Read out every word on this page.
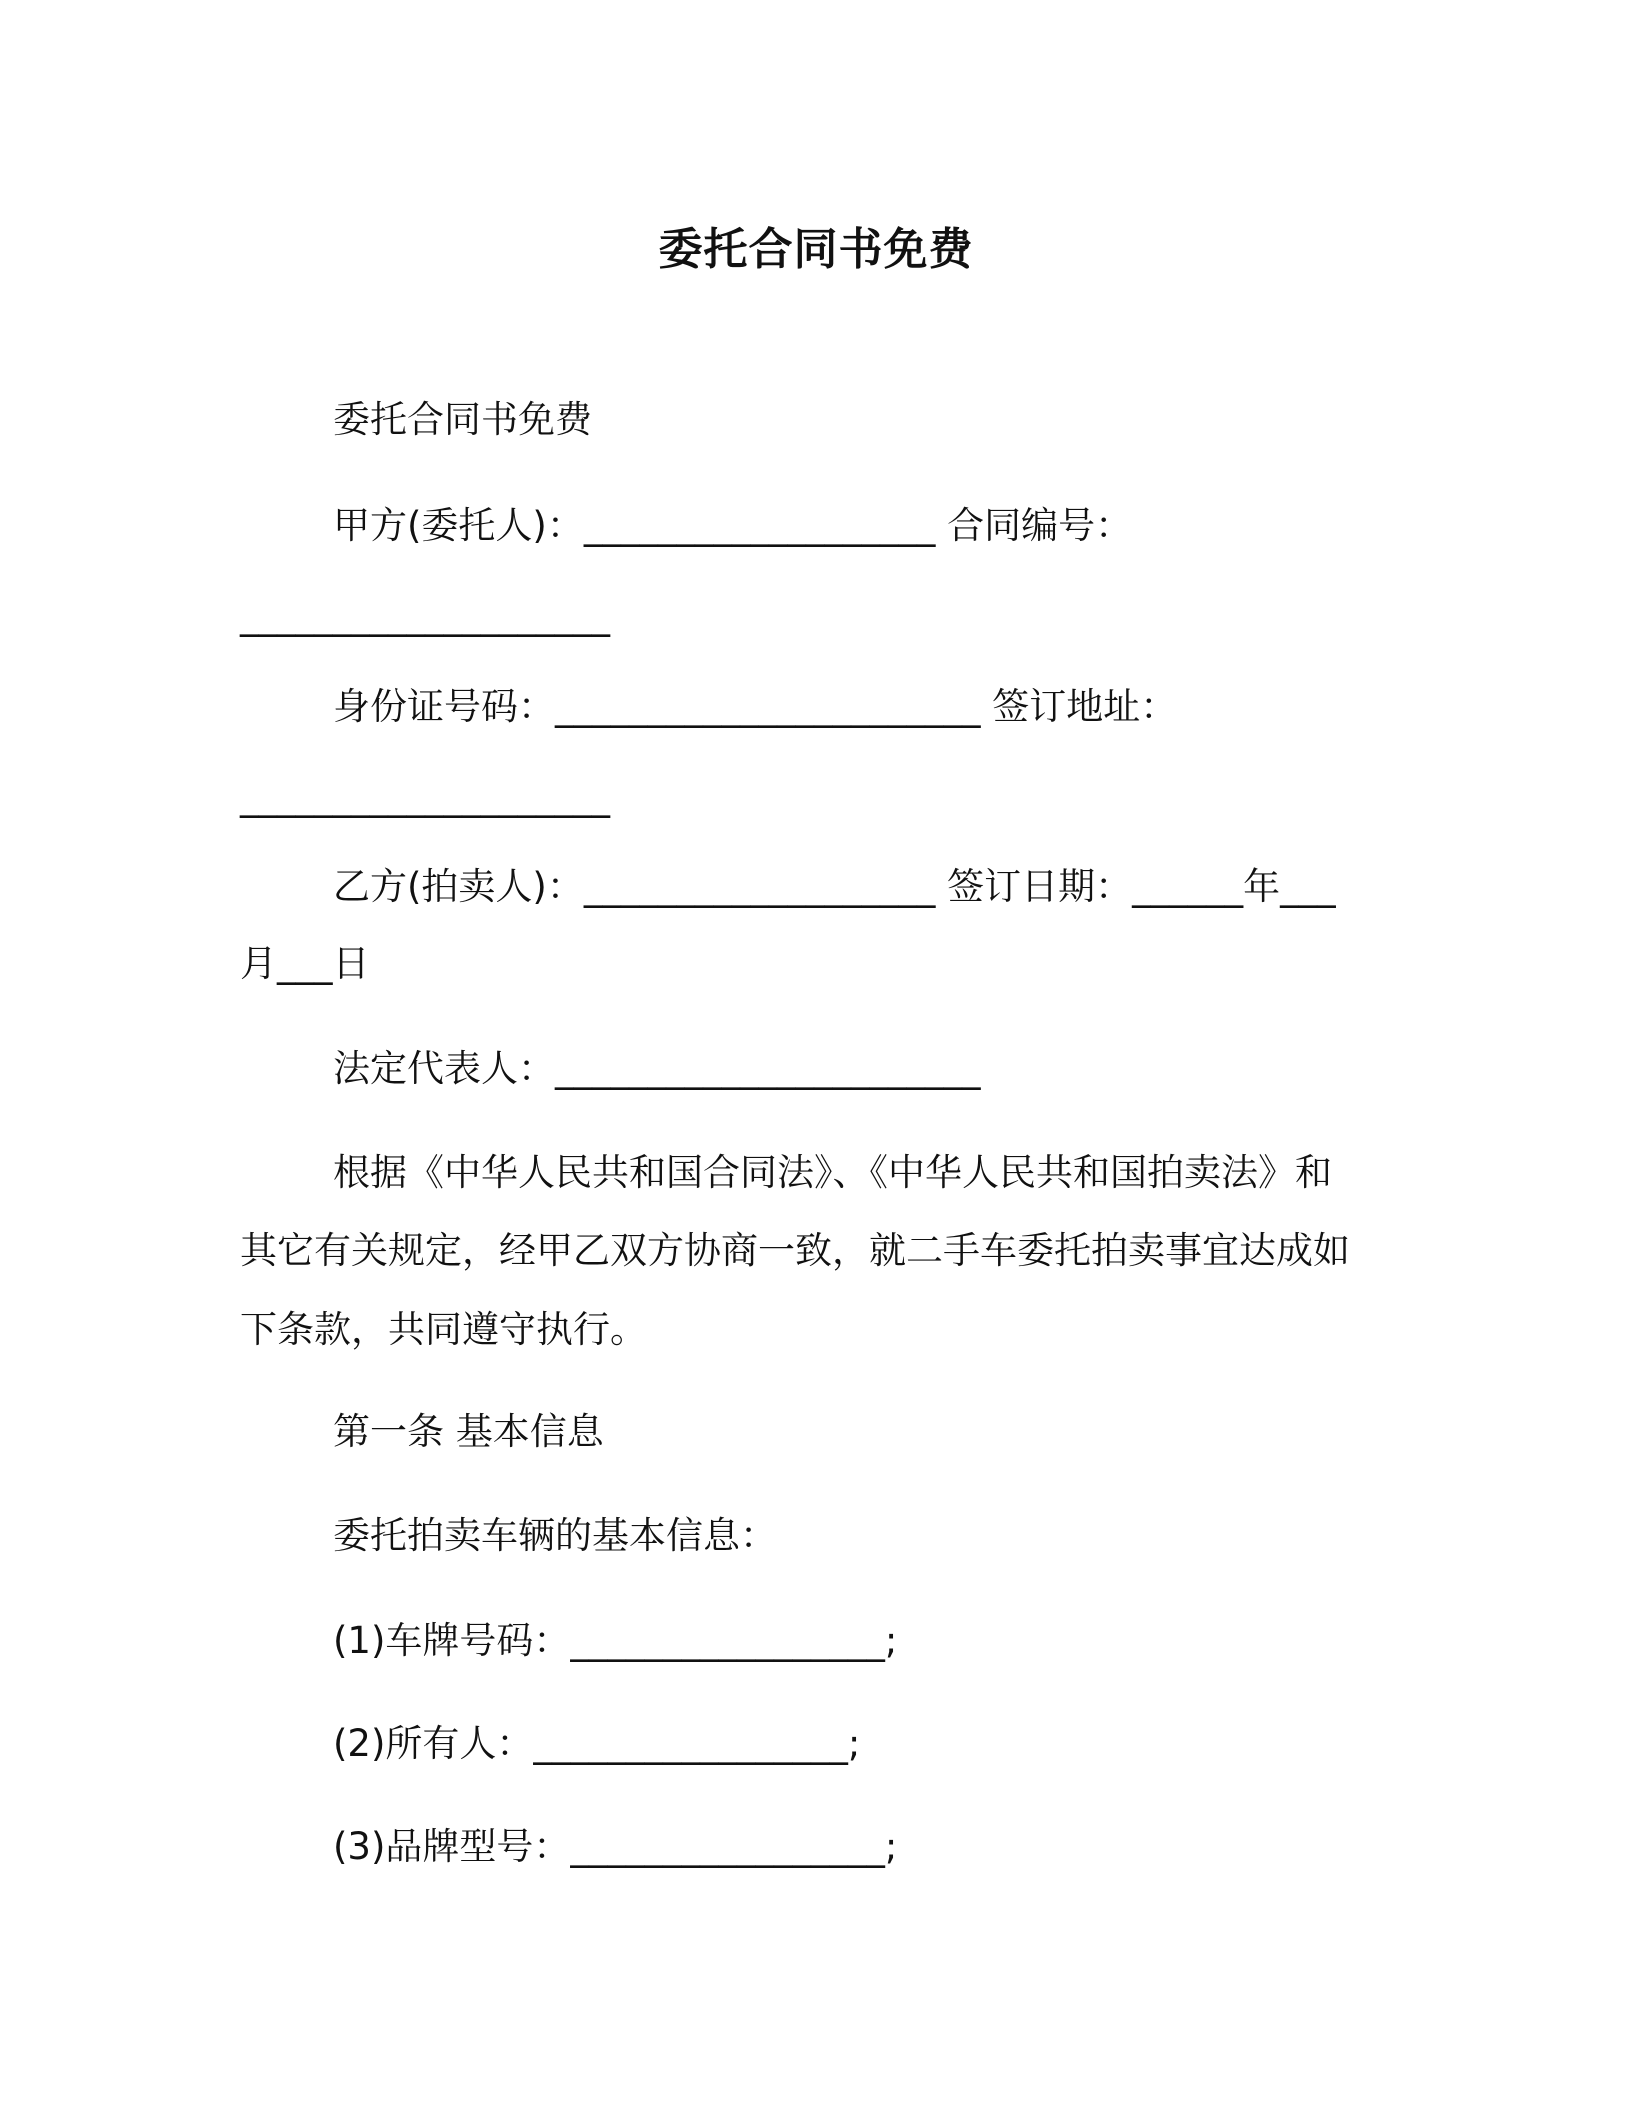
委托合同书免费
委托合同书免费
甲方(委托人)：___________________ 合同编号：
____________________
身份证号码：_______________________ 签订地址：
____________________
乙方(拍卖人)：___________________ 签订日期：______年___
月___日
法定代表人：_______________________
根据《中华人民共和国合同法》、《中华人民共和国拍卖法》和
其它有关规定，经甲乙双方协商一致，就二手车委托拍卖事宜达成如
下条款，共同遵守执行。
第一条 基本信息
委托拍卖车辆的基本信息：
(1)车牌号码：_________________;
(2)所有人：_________________;
(3)品牌型号：_________________;
